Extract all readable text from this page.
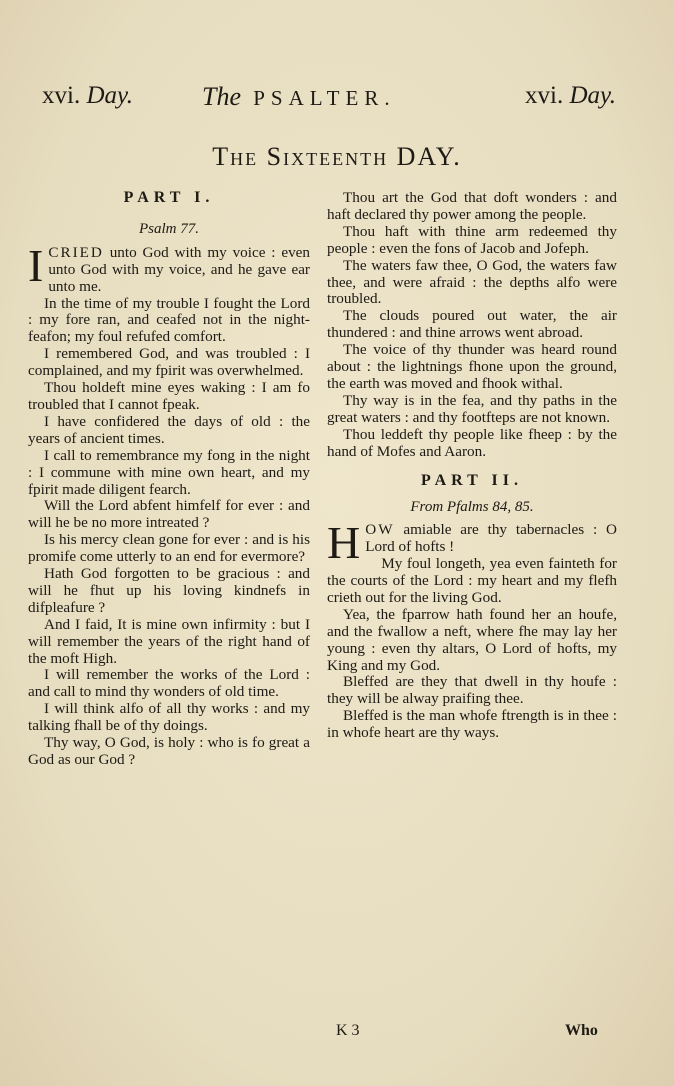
xvi. Day.	The PSALTER.	xvi. Day.
The Sixteenth DAY.
PART I.
Psalm 77.

ICRIED unto God with my voice : even unto God with my voice, and he gave ear unto me.

In the time of my trouble I fought the Lord : my fore ran, and ceafed not in the night-feafon; my foul refufed comfort.

I remembered God, and was troubled : I complained, and my fpirit was overwhelmed.

Thou holdeft mine eyes waking : I am fo troubled that I cannot fpeak.

I have confidered the days of old : the years of ancient times.

I call to remembrance my fong in the night : I commune with mine own heart, and my fpirit made diligent fearch.

Will the Lord abfent himfelf for ever : and will he be no more intreated ?

Is his mercy clean gone for ever : and is his promife come utterly to an end for evermore?

Hath God forgotten to be gracious : and will he fhut up his loving kindnefs in difpleafure ?

And I faid, It is mine own infirmity : but I will remember the years of the right hand of the moft High.

I will remember the works of the Lord : and call to mind thy wonders of old time.

I will think alfo of all thy works : and my talking fhall be of thy doings.

Thy way, O God, is holy : who is fo great a God as our God ?

Thou art the God that doft wonders : and haft declared thy power among the people.

Thou haft with thine arm redeemed thy people : even the fons of Jacob and Jofeph.

The waters faw thee, O God, the waters faw thee, and were afraid : the depths alfo were troubled.

The clouds poured out water, the air thundered : and thine arrows went abroad.

The voice of thy thunder was heard round about : the lightnings fhone upon the ground, the earth was moved and fhook withal.

Thy way is in the fea, and thy paths in the great waters : and thy footfteps are not known.

Thou leddeft thy people like fheep : by the hand of Mofes and Aaron.

PART II.
From Pfalms 84, 85.

HOW amiable are thy tabernacles : O Lord of hofts !

My foul longeth, yea even fainteth for the courts of the Lord : my heart and my flefh crieth out for the living God.

Yea, the fparrow hath found her an houfe, and the fwallow a neft, where fhe may lay her young : even thy altars, O Lord of hofts, my King and my God.

Bleffed are they that dwell in thy houfe : they will be alway praifing thee.

Bleffed is the man whofe ftrength is in thee : in whofe heart are thy ways.

K 3	Who
